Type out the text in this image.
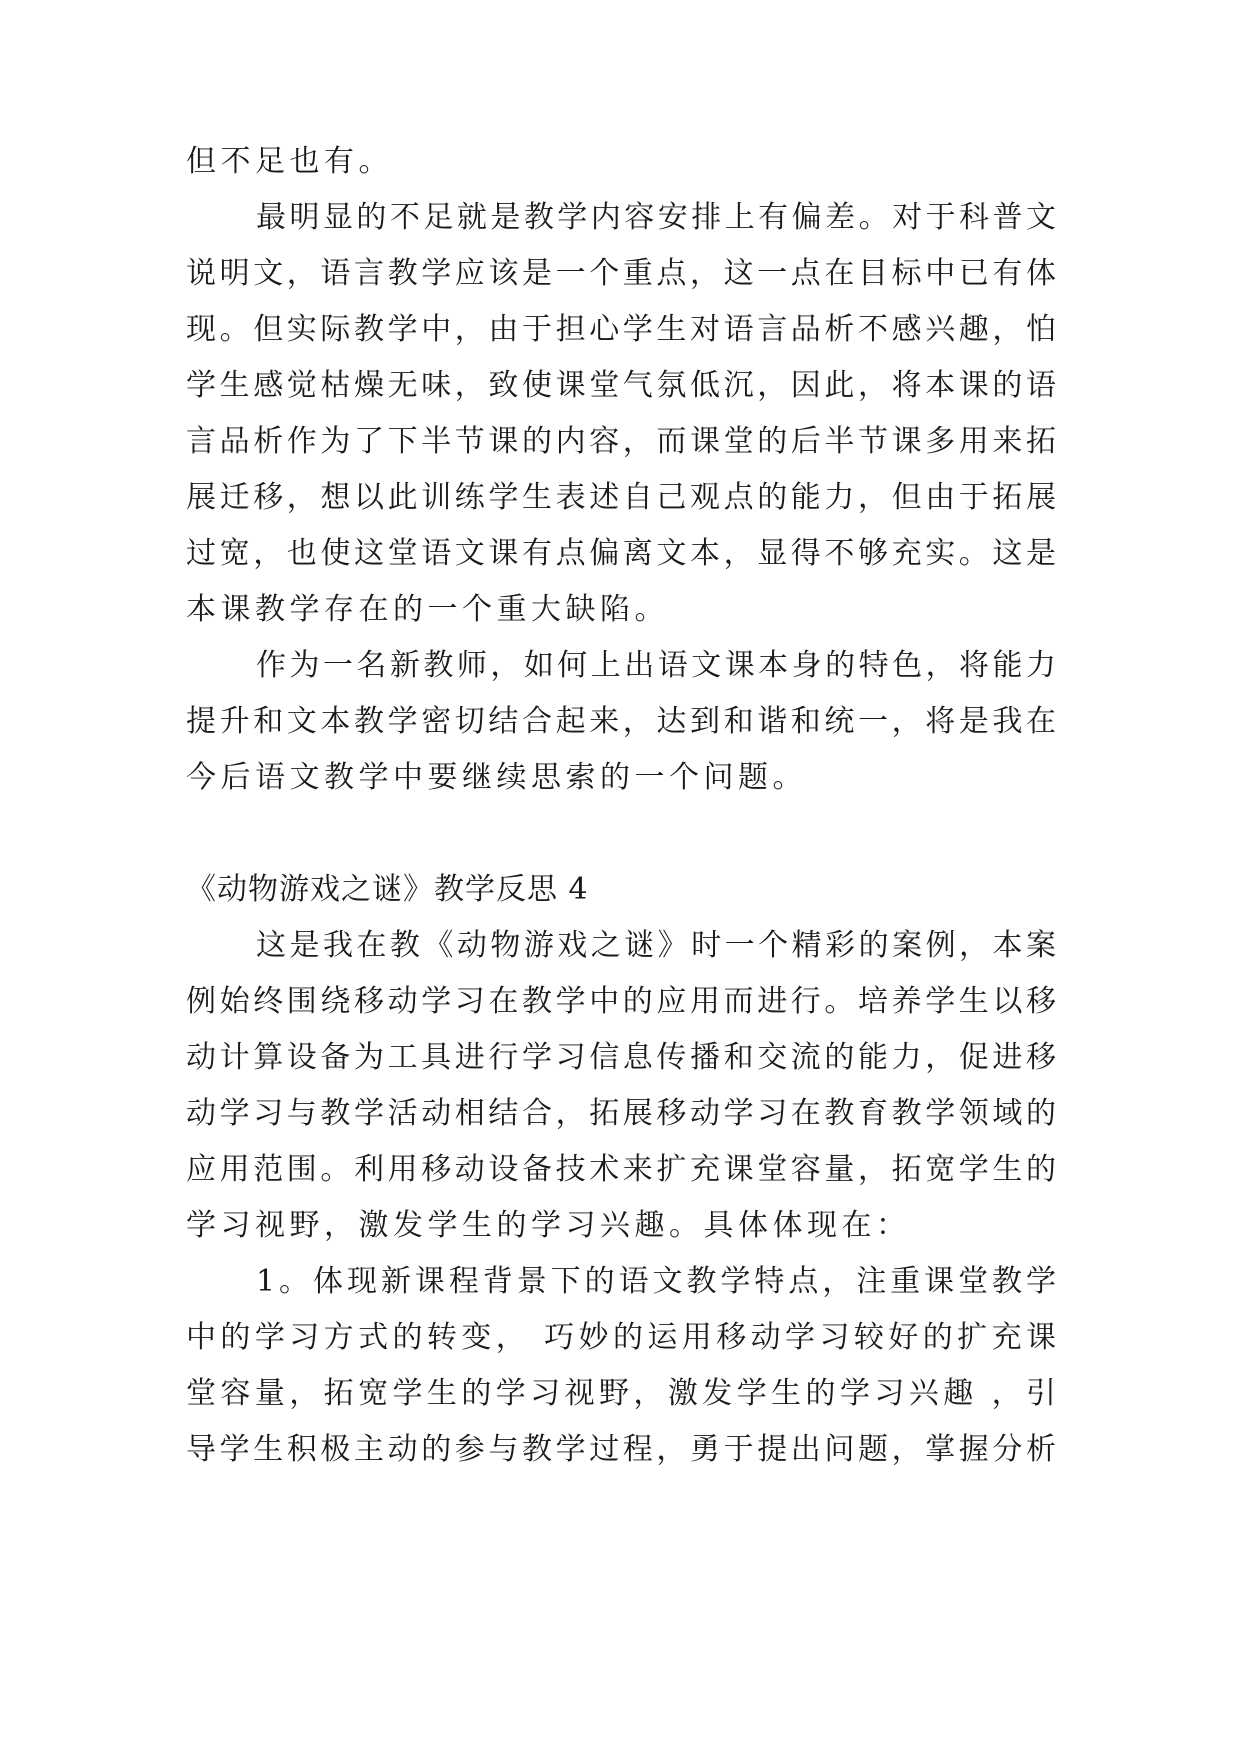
但不足也有。
最明显的不足就是教学内容安排上有偏差。对于科普文
说明文，语言教学应该是一个重点，这一点在目标中已有体
现。但实际教学中，由于担心学生对语言品析不感兴趣，怕
学生感觉枯燥无味，致使课堂气氛低沉，因此，将本课的语
言品析作为了下半节课的内容，而课堂的后半节课多用来拓
展迁移，想以此训练学生表述自己观点的能力，但由于拓展
过宽，也使这堂语文课有点偏离文本，显得不够充实。这是
本课教学存在的一个重大缺陷。
作为一名新教师，如何上出语文课本身的特色，将能力
提升和文本教学密切结合起来，达到和谐和统一，将是我在
今后语文教学中要继续思索的一个问题。
《动物游戏之谜》教学反思 4
这是我在教《动物游戏之谜》时一个精彩的案例，本案
例始终围绕移动学习在教学中的应用而进行。培养学生以移
动计算设备为工具进行学习信息传播和交流的能力，促进移
动学习与教学活动相结合，拓展移动学习在教育教学领域的
应用范围。利用移动设备技术来扩充课堂容量，拓宽学生的
学习视野，激发学生的学习兴趣。具体体现在：
1。体现新课程背景下的语文教学特点，注重课堂教学
中的学习方式的转变， 巧妙的运用移动学习较好的扩充课
堂容量，拓宽学生的学习视野，激发学生的学习兴趣 ，引
导学生积极主动的参与教学过程，勇于提出问题，掌握分析
